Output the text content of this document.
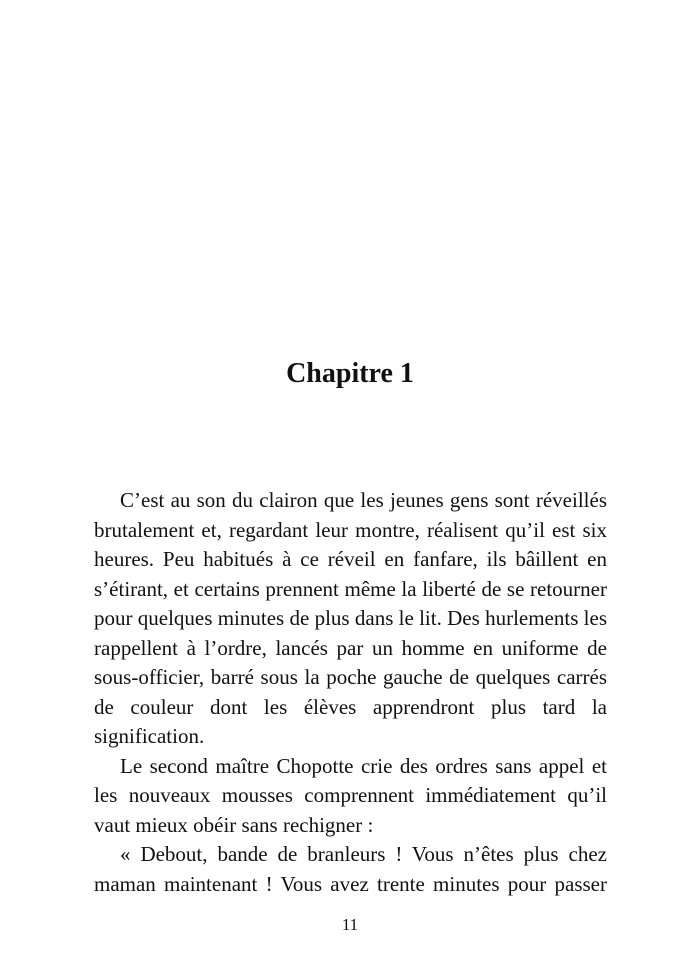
Chapitre 1
C’est au son du clairon que les jeunes gens sont réveillés
brutalement et, regardant leur montre, réalisent qu’il est six
heures. Peu habitués à ce réveil en fanfare, ils bâillent en
s’étirant, et certains prennent même la liberté de se retourner
pour quelques minutes de plus dans le lit. Des hurlements les
rappellent à l’ordre, lancés par un homme en uniforme de
sous-officier, barré sous la poche gauche de quelques carrés
de couleur dont les élèves apprendront plus tard la
signification.
Le second maître Chopotte crie des ordres sans appel et
les nouveaux mousses comprennent immédiatement qu’il
vaut mieux obéir sans rechigner :
« Debout, bande de branleurs ! Vous n’êtes plus chez
maman maintenant ! Vous avez trente minutes pour passer
11
